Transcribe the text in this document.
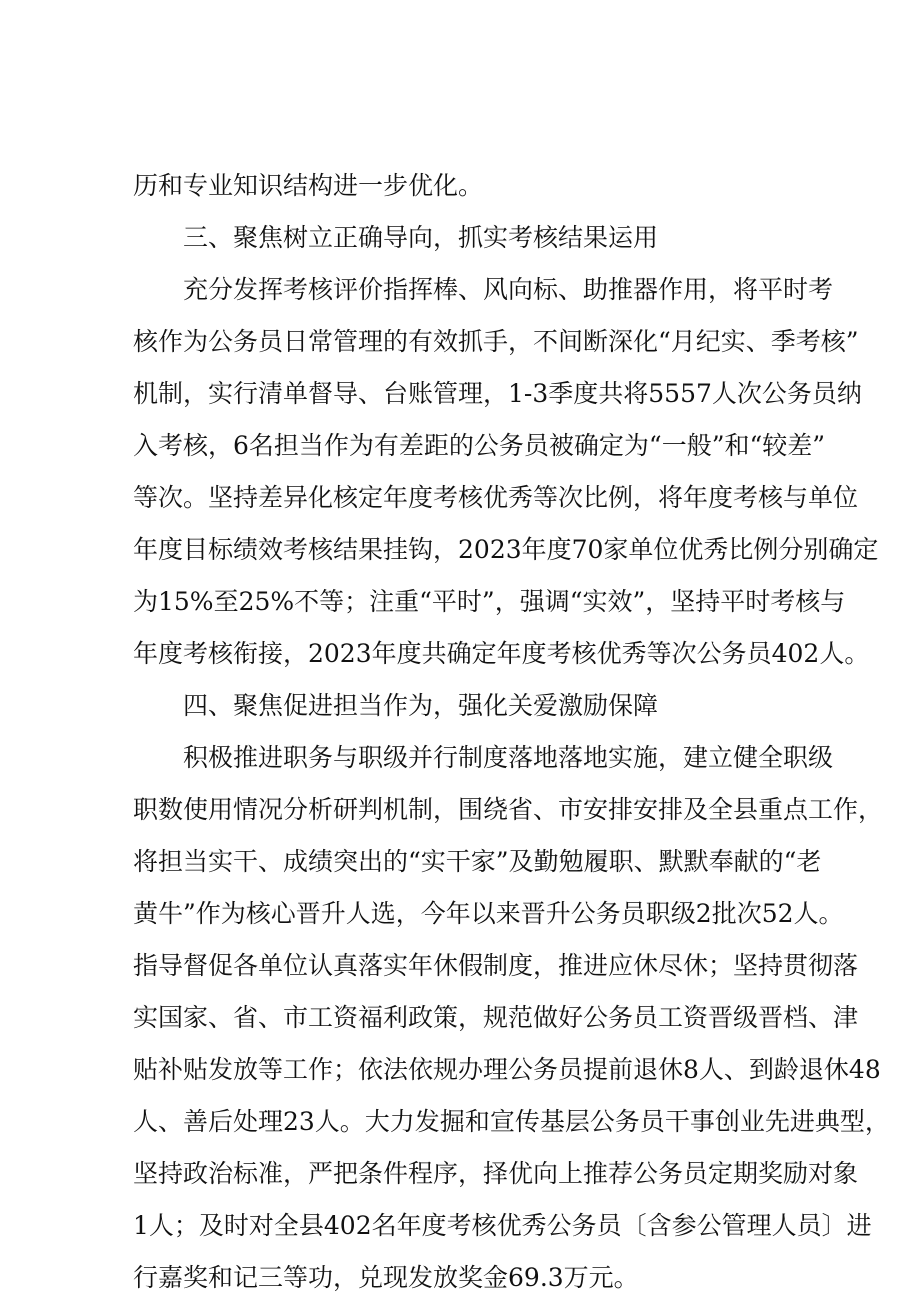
历和专业知识结构进一步优化。
三、聚焦树立正确导向，抓实考核结果运用
充分发挥考核评价指挥棒、风向标、助推器作用，将平时考
核作为公务员日常管理的有效抓手，不间断深化“月纪实、季考核”
机制，实行清单督导、台账管理，1-3季度共将5557人次公务员纳
入考核，6名担当作为有差距的公务员被确定为“一般”和“较差”
等次。坚持差异化核定年度考核优秀等次比例，将年度考核与单位
年度目标绩效考核结果挂钩，2023年度70家单位优秀比例分别确定
为15%至25%不等；注重“平时”，强调“实效”，坚持平时考核与
年度考核衔接，2023年度共确定年度考核优秀等次公务员402人。
四、聚焦促进担当作为，强化关爱激励保障
积极推进职务与职级并行制度落地落地实施，建立健全职级
职数使用情况分析研判机制，围绕省、市安排安排及全县重点工作，
将担当实干、成绩突出的“实干家”及勤勉履职、默默奉献的“老
黄牛”作为核心晋升人选，今年以来晋升公务员职级2批次52人。
指导督促各单位认真落实年休假制度，推进应休尽休；坚持贯彻落
实国家、省、市工资福利政策，规范做好公务员工资晋级晋档、津
贴补贴发放等工作；依法依规办理公务员提前退休8人、到龄退休48
人、善后处理23人。大力发掘和宣传基层公务员干事创业先进典型，
坚持政治标准，严把条件程序，择优向上推荐公务员定期奖励对象
1人；及时对全县402名年度考核优秀公务员〔含参公管理人员〕进
行嘉奖和记三等功，兑现发放奖金69.3万元。
